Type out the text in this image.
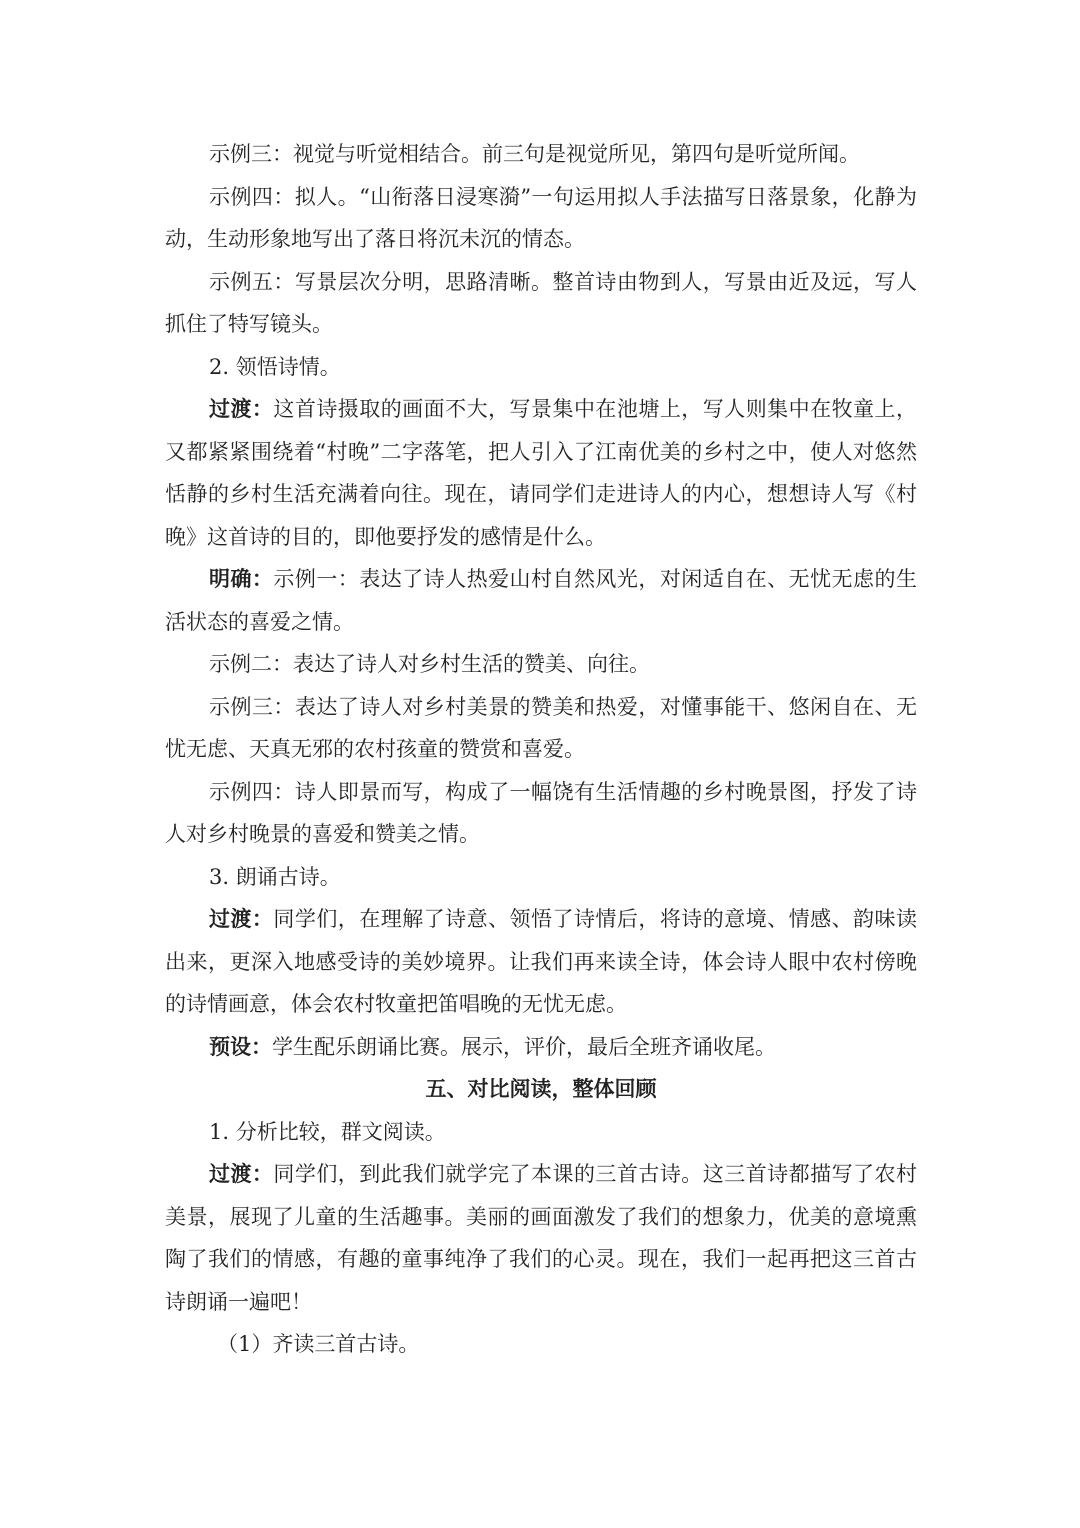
示例三：视觉与听觉相结合。前三句是视觉所见，第四句是听觉所闻。

示例四：拟人。“山衔落日浸寒漪”一句运用拟人手法描写日落景象，化静为动，生动形象地写出了落日将沉未沉的情态。

示例五：写景层次分明，思路清晰。整首诗由物到人，写景由近及远，写人抓住了特写镜头。

2. 领悟诗情。

过渡：这首诗摄取的画面不大，写景集中在池塘上，写人则集中在牧童上，又都紧紧围绕着“村晚”二字落笔，把人引入了江南优美的乡村之中，使人对悠然恬静的乡村生活充满着向往。现在，请同学们走进诗人的内心，想想诗人写《村晚》这首诗的目的，即他要抒发的感情是什么。

明确：示例一：表达了诗人热爱山村自然风光，对闲适自在、无忧无虑的生活状态的喜爱之情。

示例二：表达了诗人对乡村生活的赞美、向往。

示例三：表达了诗人对乡村美景的赞美和热爱，对懂事能干、悠闲自在、无忧无虑、天真无邪的农村孩童的赞赏和喜爱。

示例四：诗人即景而写，构成了一幅饶有生活情趣的乡村晚景图，抒发了诗人对乡村晚景的喜爱和赞美之情。

3. 朗诵古诗。

过渡：同学们，在理解了诗意、领悟了诗情后，将诗的意境、情感、韵味读出来，更深入地感受诗的美妙境界。让我们再来读全诗，体会诗人眼中农村傍晚的诗情画意，体会农村牧童把笛唱晚的无忧无虑。

预设：学生配乐朗诵比赛。展示，评价，最后全班齐诵收尾。

五、对比阅读，整体回顾

1. 分析比较，群文阅读。

过渡：同学们，到此我们就学完了本课的三首古诗。这三首诗都描写了农村美景，展现了儿童的生活趣事。美丽的画面激发了我们的想象力，优美的意境熏陶了我们的情感，有趣的童事纯净了我们的心灵。现在，我们一起再把这三首古诗朗诵一遍吧！

（1）齐读三首古诗。
